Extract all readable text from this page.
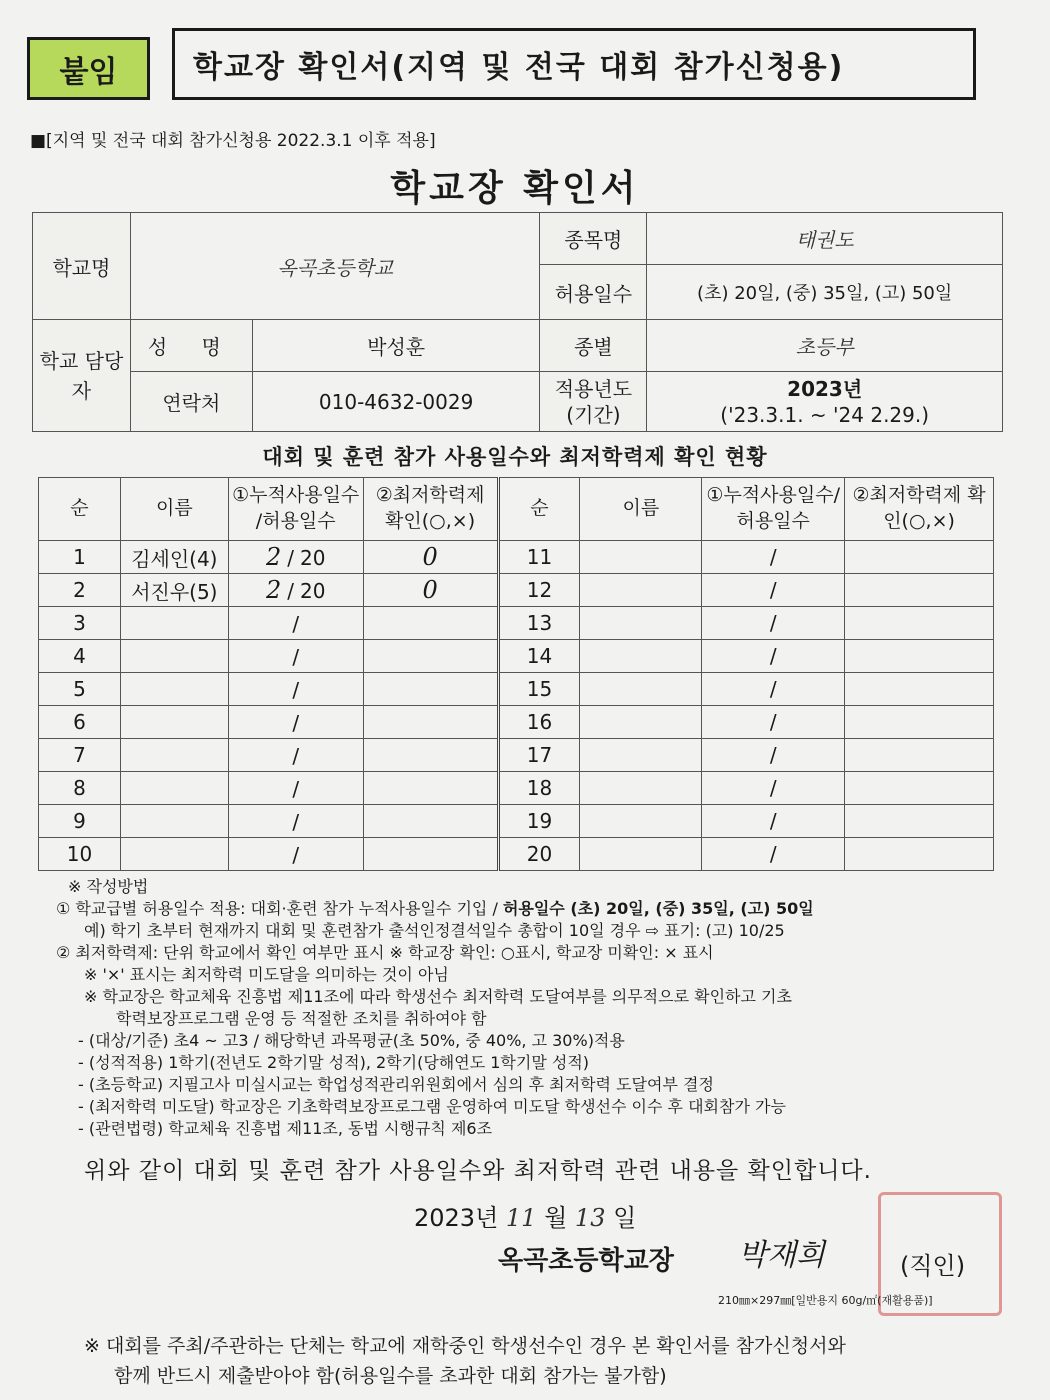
붙임	학교장 확인서(지역 및 전국 대회 참가신청용)
■[지역 및 전국 대회 참가신청용 2022.3.1 이후 적용]
학교장 확인서
학교명	옥곡초등학교		종목명	태권도
			허용일수	(초) 20일, (중) 35일, (고) 50일
학교 담당자	성 명	박성훈	종별	초등부
	연락처	010-4632-0029	적용년도 (기간)	2023년
('23.3.1. ~ '24 2.29.)
대회 및 훈련 참가 사용일수와 최저학력제 확인 현황
순	이름	①누적사용일수 /허용일수	②최저학력제 확인(○,×)	순	이름	①누적사용일수/ 허용일수	②최저학력제 확인(○,×)
1	김세인(4)	2 / 20	0	11		/	
2	서진우(5)	2 / 20	0	12		/	
3		/		13		/	
4		/		14		/	
5		/		15		/	
6		/		16		/	
7		/		17		/	
8		/		18		/	
9		/		19		/	
10		/		20		/	
※ 작성방법
① 학교급별 허용일수 적용: 대회·훈련 참가 누적사용일수 기입 / 허용일수 (초) 20일, (중) 35일, (고) 50일
예) 학기 초부터 현재까지 대회 및 훈련참가 출석인정결석일수 총합이 10일 경우 ⇨ 표기: (고) 10/25
② 최저학력제: 단위 학교에서 확인 여부만 표시 ※ 학교장 확인: ○표시, 학교장 미확인: × 표시
※ '×' 표시는 최저학력 미도달을 의미하는 것이 아님
※ 학교장은 학교체육 진흥법 제11조에 따라 학생선수 최저학력 도달여부를 의무적으로 확인하고 기초
학력보장프로그램 운영 등 적절한 조치를 취하여야 함
- (대상/기준) 초4 ~ 고3 / 해당학년 과목평균(초 50%, 중 40%, 고 30%)적용
- (성적적용) 1학기(전년도 2학기말 성적), 2학기(당해연도 1학기말 성적)
- (초등학교) 지필고사 미실시교는 학업성적관리위원회에서 심의 후 최저학력 도달여부 결정
- (최저학력 미도달) 학교장은 기초학력보장프로그램 운영하여 미도달 학생선수 이수 후 대회참가 가능
- (관련법령) 학교체육 진흥법 제11조, 동법 시행규칙 제6조
위와 같이 대회 및 훈련 참가 사용일수와 최저학력 관련 내용을 확인합니다.
2023년 11 월 13 일
옥곡초등학교장 박재희	(직인)
210㎜×297㎜[일반용지 60g/㎡(재활용품)]
※ 대회를 주최/주관하는 단체는 학교에 재학중인 학생선수인 경우 본 확인서를 참가신청서와
함께 반드시 제출받아야 함(허용일수를 초과한 대회 참가는 불가함)
